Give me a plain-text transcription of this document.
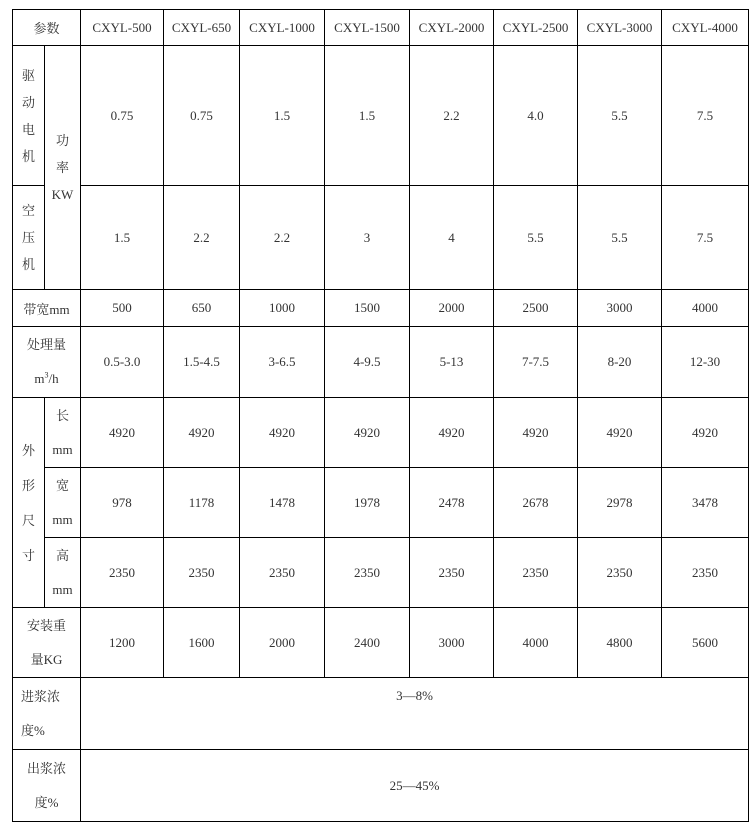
参数		CXYL-500	CXYL-650	CXYL-1000	CXYL-1500	CXYL-2000	CXYL-2500	CXYL-3000	CXYL-4000

驱
动
电
机	功
率
KW	0.75	0.75	1.5	1.5	2.2	4.0	5.5	7.5

空
压
机		1.5	2.2	2.2	3	4	5.5	5.5	7.5
带宽mm		500	650	1000	1500	2000	2500	3000	4000

处理量
$m^3/h$		0.5-3.0	1.5-4.5	3-6.5	4-9.5	5-13	7-7.5	8-20	12-30

外
形
尺
寸	长
mm	4920	4920	4920	4920	4920	4920	4920	4920

	宽
mm	978	1178	1478	1978	2478	2678	2978	3478

	高
mm	2350	2350	2350	2350	2350	2350	2350	2350

安装重
量KG		1200	1600	2000	2400	3000	4000	4800	5600

进浆浓
度%		3—8%							

出浆浓
度%		25—45%							
